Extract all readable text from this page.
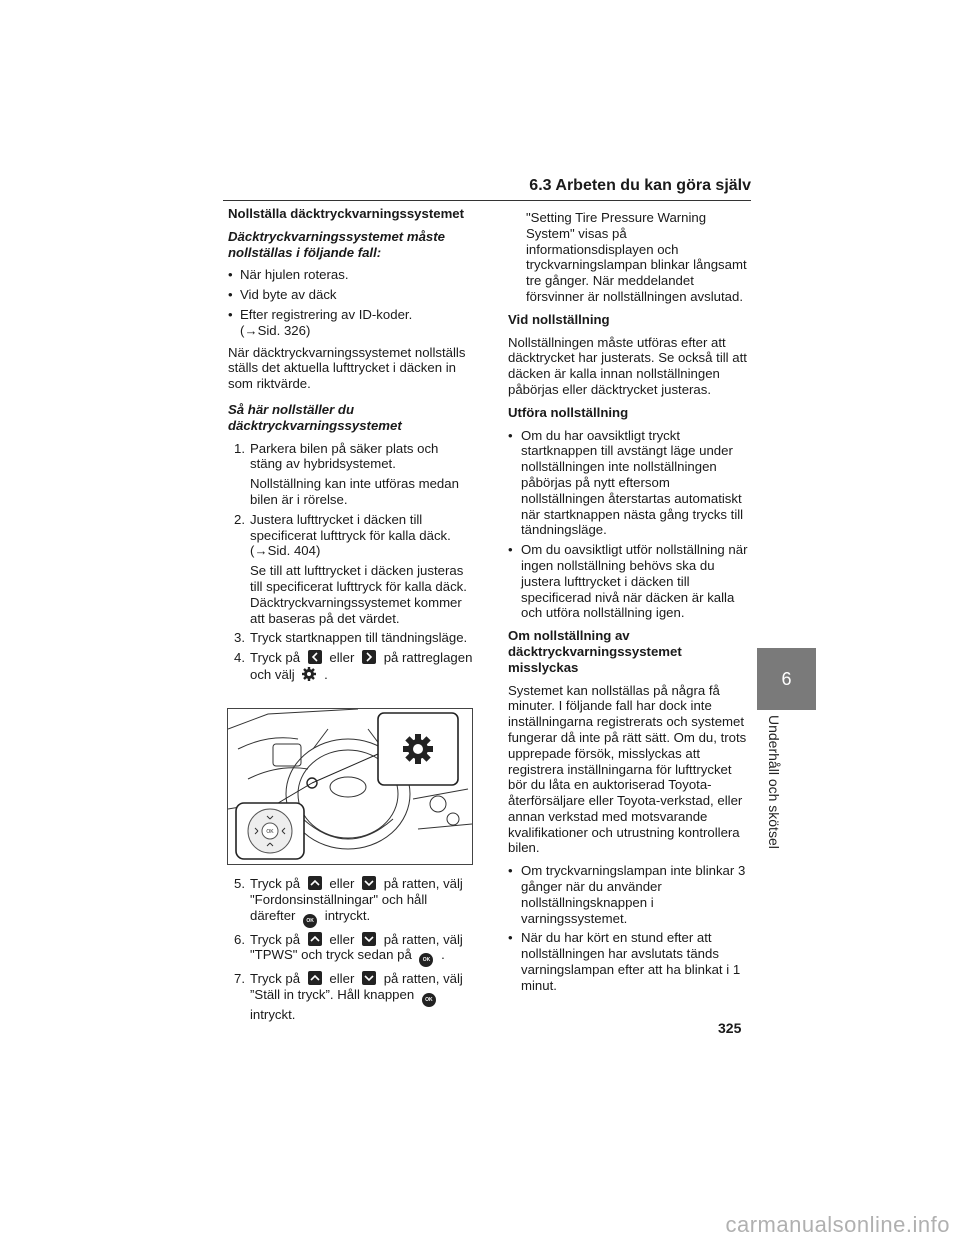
6.3 Arbeten du kan göra själv
Nollställa däcktryckvarningssystemet
Däcktryckvarningssystemet måste nollställas i följande fall:
• När hjulen roteras.
• Vid byte av däck
• Efter registrering av ID-koder.
(→Sid. 326)

När däcktryckvarningssystemet nollställs ställs det aktuella lufttrycket i däcken in som riktvärde.

Så här nollställer du däcktryckvarningssystemet
1. Parkera bilen på säker plats och stäng av hybridsystemet.
Nollställning kan inte utföras medan bilen är i rörelse.
2. Justera lufttrycket i däcken till specificerat lufttryck för kalla däck.
(→Sid. 404)
Se till att lufttrycket i däcken justeras till specificerat lufttryck för kalla däck. Däcktryckvarningssystemet kommer att baseras på det värdet.
3. Tryck startknappen till tändningsläge.
4. Tryck på eller på rattreglagen
och välj .
OK
5. Tryck på eller på ratten, välj
"Fordonsinställningar" och håll
därefter OK intryckt.
6. Tryck på eller på ratten, välj
"TPWS" och tryck sedan på OK .
7. Tryck på eller på ratten, välj
”Ställ in tryck”. Håll knappen OK
intryckt.

"Setting Tire Pressure Warning System" visas på informationsdisplayen och tryckvarningslampan blinkar långsamt tre gånger. När meddelandet försvinner är nollställningen avslutad.

Vid nollställning

Nollställningen måste utföras efter att däcktrycket har justerats. Se också till att däcken är kalla innan nollställningen påbörjas eller däcktrycket justeras.

Utföra nollställning
• Om du har oavsiktligt tryckt startknappen till avstängt läge under nollställningen inte nollställningen påbörjas på nytt eftersom nollställningen återstartas automatiskt när startknappen nästa gång trycks till tändningsläge.
• Om du oavsiktligt utför nollställning när ingen nollställning behövs ska du justera lufttrycket i däcken till specificerad nivå när däcken är kalla och utföra nollställning igen.
Om nollställning av däcktryckvarningssystemet misslyckas

Systemet kan nollställas på några få minuter. I följande fall har dock inte inställningarna registrerats och systemet fungerar då inte på rätt sätt. Om du, trots upprepade försök, misslyckas att registrera inställningarna för lufttrycket bör du låta en auktoriserad Toyota-återförsäljare eller Toyota-verkstad, eller annan verkstad med motsvarande kvalifikationer och utrustning kontrollera bilen.

• Om tryckvarningslampan inte blinkar 3 gånger när du använder nollställningsknappen i varningssystemet.
• När du har kört en stund efter att nollställningen har avslutats tänds varningslampan efter att ha blinkat i 1 minut.
6
Underhåll och skötsel
325
carmanualsonline.info
